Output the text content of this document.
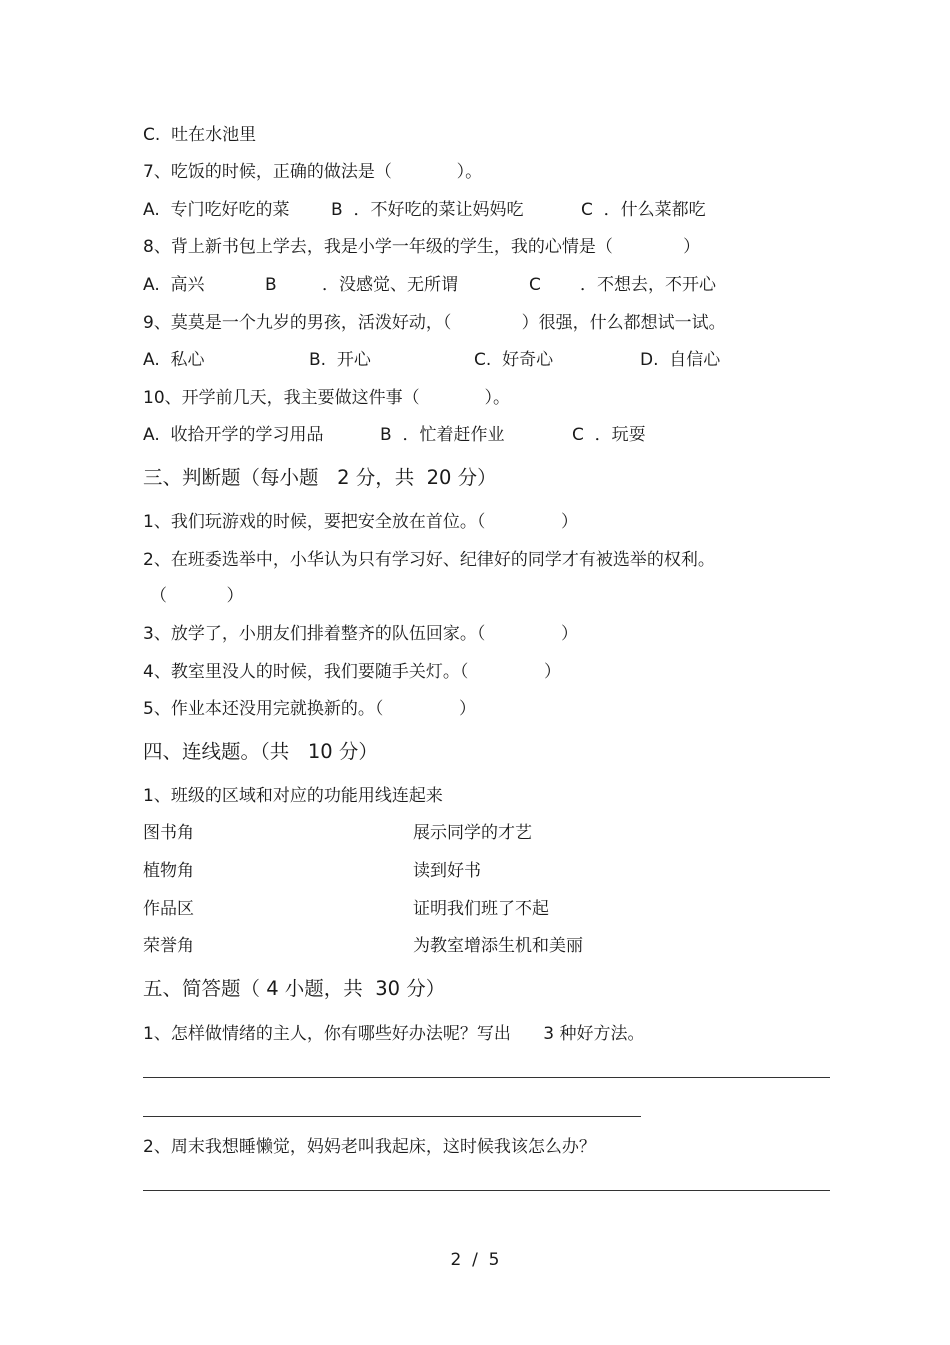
C.  吐在水池里
7、吃饭的时候，正确的做法是（            ）。
A.  专门吃好吃的菜 B  ．不好吃的菜让妈妈吃	C  ．什么菜都吃
8、背上新书包上学去，我是小学一年级的学生，我的心情是（             ）
A.  高兴	B	．没感觉、无所谓	C ．不想去，不开心
9、莫莫是一个九岁的男孩，活泼好动，（             ）很强，什么都想试一试。
A.  私心	B.  开心	C.  好奇心	D.  自信心
10、开学前几天，我主要做这件事（            ）。
A.  收拾开学的学习用品	B  ．忙着赶作业	C  ．玩耍
三、判断题（每小题   2 分，共  20 分）
1、我们玩游戏的时候，要把安全放在首位。（              ）
2、在班委选举中，小华认为只有学习好、纪律好的同学才有被选举的权利。
（           ）
3、放学了，小朋友们排着整齐的队伍回家。（              ）
4、教室里没人的时候，我们要随手关灯。（              ）
5、作业本还没用完就换新的。（              ）
四、连线题。（共   10 分）
1、班级的区域和对应的功能用线连起来
图书角	展示同学的才艺
植物角	读到好书
作品区	证明我们班了不起
荣誉角	为教室增添生机和美丽
五、简答题（ 4 小题，共  30 分）
1、怎样做情绪的主人，你有哪些好办法呢？写出      3 种好方法。
2、周末我想睡懒觉，妈妈老叫我起床，这时候我该怎么办？
2  /  5
